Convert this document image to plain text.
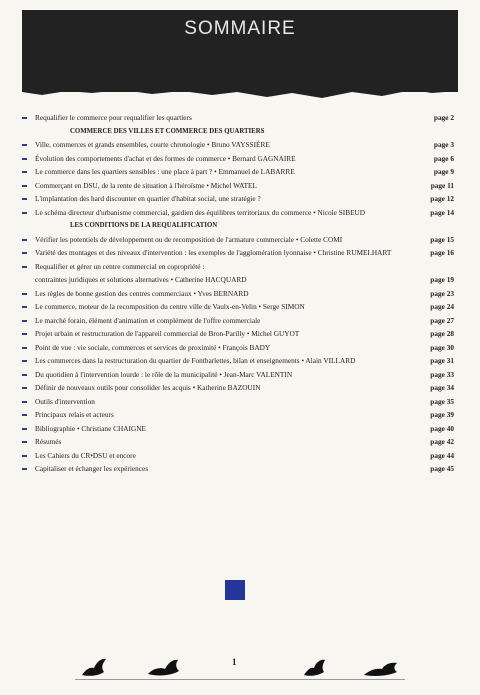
SOMMAIRE
Requalifier le commerce pour requalifier les quartiers	page 2
COMMERCE DES VILLES ET COMMERCE DES QUARTIERS
Ville, commerces et grands ensembles, courte chronologie • Bruno VAYSSIÈRE	page 3
Évolution des comportements d'achat et des formes de commerce • Bernard GAGNAIRE	page 6
Le commerce dans les quartiers sensibles : une place à part ? • Emmanuel de LABARRE	page 9
Commerçant en DSU, de la rente de situation à l'héroïsme • Michel WATEL	page 11
L'implantation des hard discounter en quartier d'habitat social, une stratégie ?	page 12
Le schéma directeur d'urbanisme commercial, gardien des équilibres territoriaux du commerce • Nicole SIBEUD	page 14
LES CONDITIONS DE LA REQUALIFICATION
Vérifier les potentiels de développement ou de recomposition de l'armature commerciale • Colette COMI	page 15
Variété des montages et des niveaux d'intervention : les exemples de l'agglomération lyonnaise • Christine RUMELHART	page 16
Requalifier et gérer un centre commercial en copropriété :
contraintes juridiques et solutions alternatives • Catherine HACQUARD	page 19
Les règles de bonne gestion des centres commerciaux • Yves BERNARD	page 23
Le commerce, moteur de la recomposition du centre ville de Vaulx-en-Velin • Serge SIMON	page 24
Le marché forain, élément d'animation et complément de l'offre commerciale	page 27
Projet urbain et restructuration de l'appareil commercial de Bron-Parilly • Michel GUYOT	page 28
Point de vue : vie sociale, commerces et services de proximité • François BADY	page 30
Les commerces dans la restructuration du quartier de Fontbarlettes, bilan et enseignements • Alain VILLARD	page 31
Du quotidien à l'intervention lourde : le rôle de la municipalité • Jean-Marc VALENTIN	page 33
Définir de nouveaux outils pour consolider les acquis • Katherine BAZOUIN	page 34
Outils d'intervention	page 35
Principaux relais et acteurs	page 39
Bibliographie • Christiane CHAIGNE	page 40
Résumés	page 42
Les Cahiers du CR•DSU et encore	page 44
Capitaliser et échanger les expériences	page 45
1
